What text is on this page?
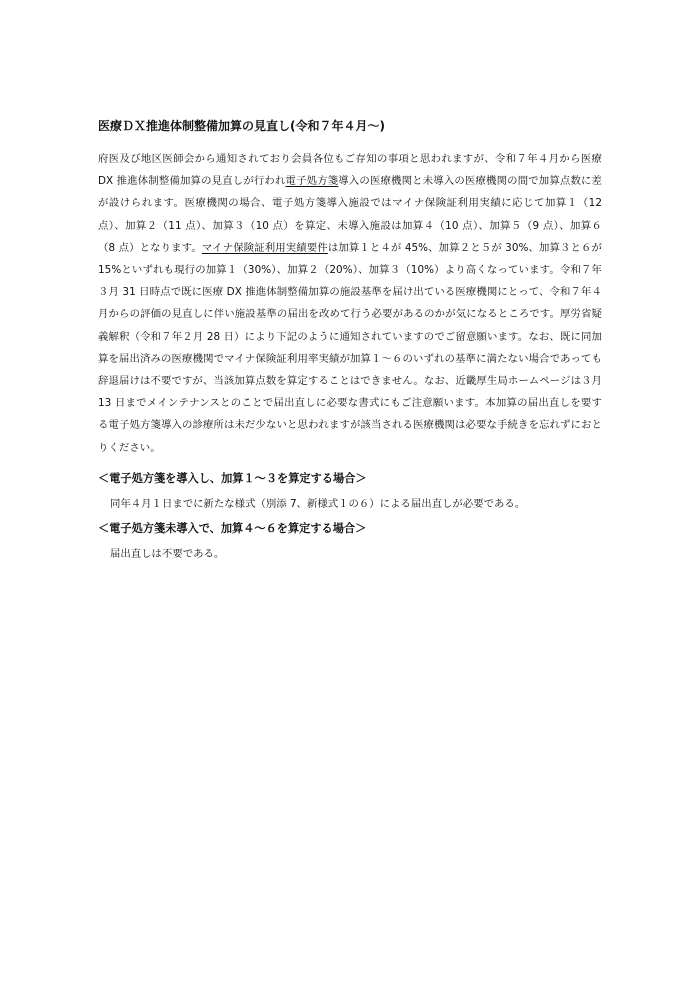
医療ＤＸ推進体制整備加算の見直し(令和７年４月～)

府医及び地区医師会から通知されており会員各位もご存知の事項と思われますが、令和７年４月から医療 DX 推進体制整備加算の見直しが行われ電子処方箋導入の医療機関と未導入の医療機関の間で加算点数に差が設けられます。医療機関の場合、電子処方箋導入施設ではマイナ保険証利用実績に応じて加算１（12 点）、加算２（11 点）、加算３（10 点）を算定、未導入施設は加算４（10 点）、加算５（9 点）、加算６（8 点）となります。マイナ保険証利用実績要件は加算１と４が 45%、加算２と５が 30%、加算３と６が 15%といずれも現行の加算１（30%）、加算２（20%）、加算３（10%）より高くなっています。令和７年３月 31 日時点で既に医療 DX 推進体制整備加算の施設基準を届け出ている医療機関にとって、令和７年４月からの評価の見直しに伴い施設基準の届出を改めて行う必要があるのかが気になるところです。厚労省疑義解釈（令和７年２月 28 日）により下記のように通知されていますのでご留意願います。なお、既に同加算を届出済みの医療機関でマイナ保険証利用率実績が加算１～６のいずれの基準に満たない場合であっても辞退届けは不要ですが、当該加算点数を算定することはできません。なお、近畿厚生局ホームページは３月 13 日までメインテナンスとのことで届出直しに必要な書式にもご注意願います。本加算の届出直しを要する電子処方箋導入の診療所は未だ少ないと思われますが該当される医療機関は必要な手続きを忘れずにおとりください。

＜電子処方箋を導入し、加算１～３を算定する場合＞
同年４月１日までに新たな様式（別添 7、新様式１の６）による届出直しが必要である。
＜電子処方箋未導入で、加算４～６を算定する場合＞
届出直しは不要である。
